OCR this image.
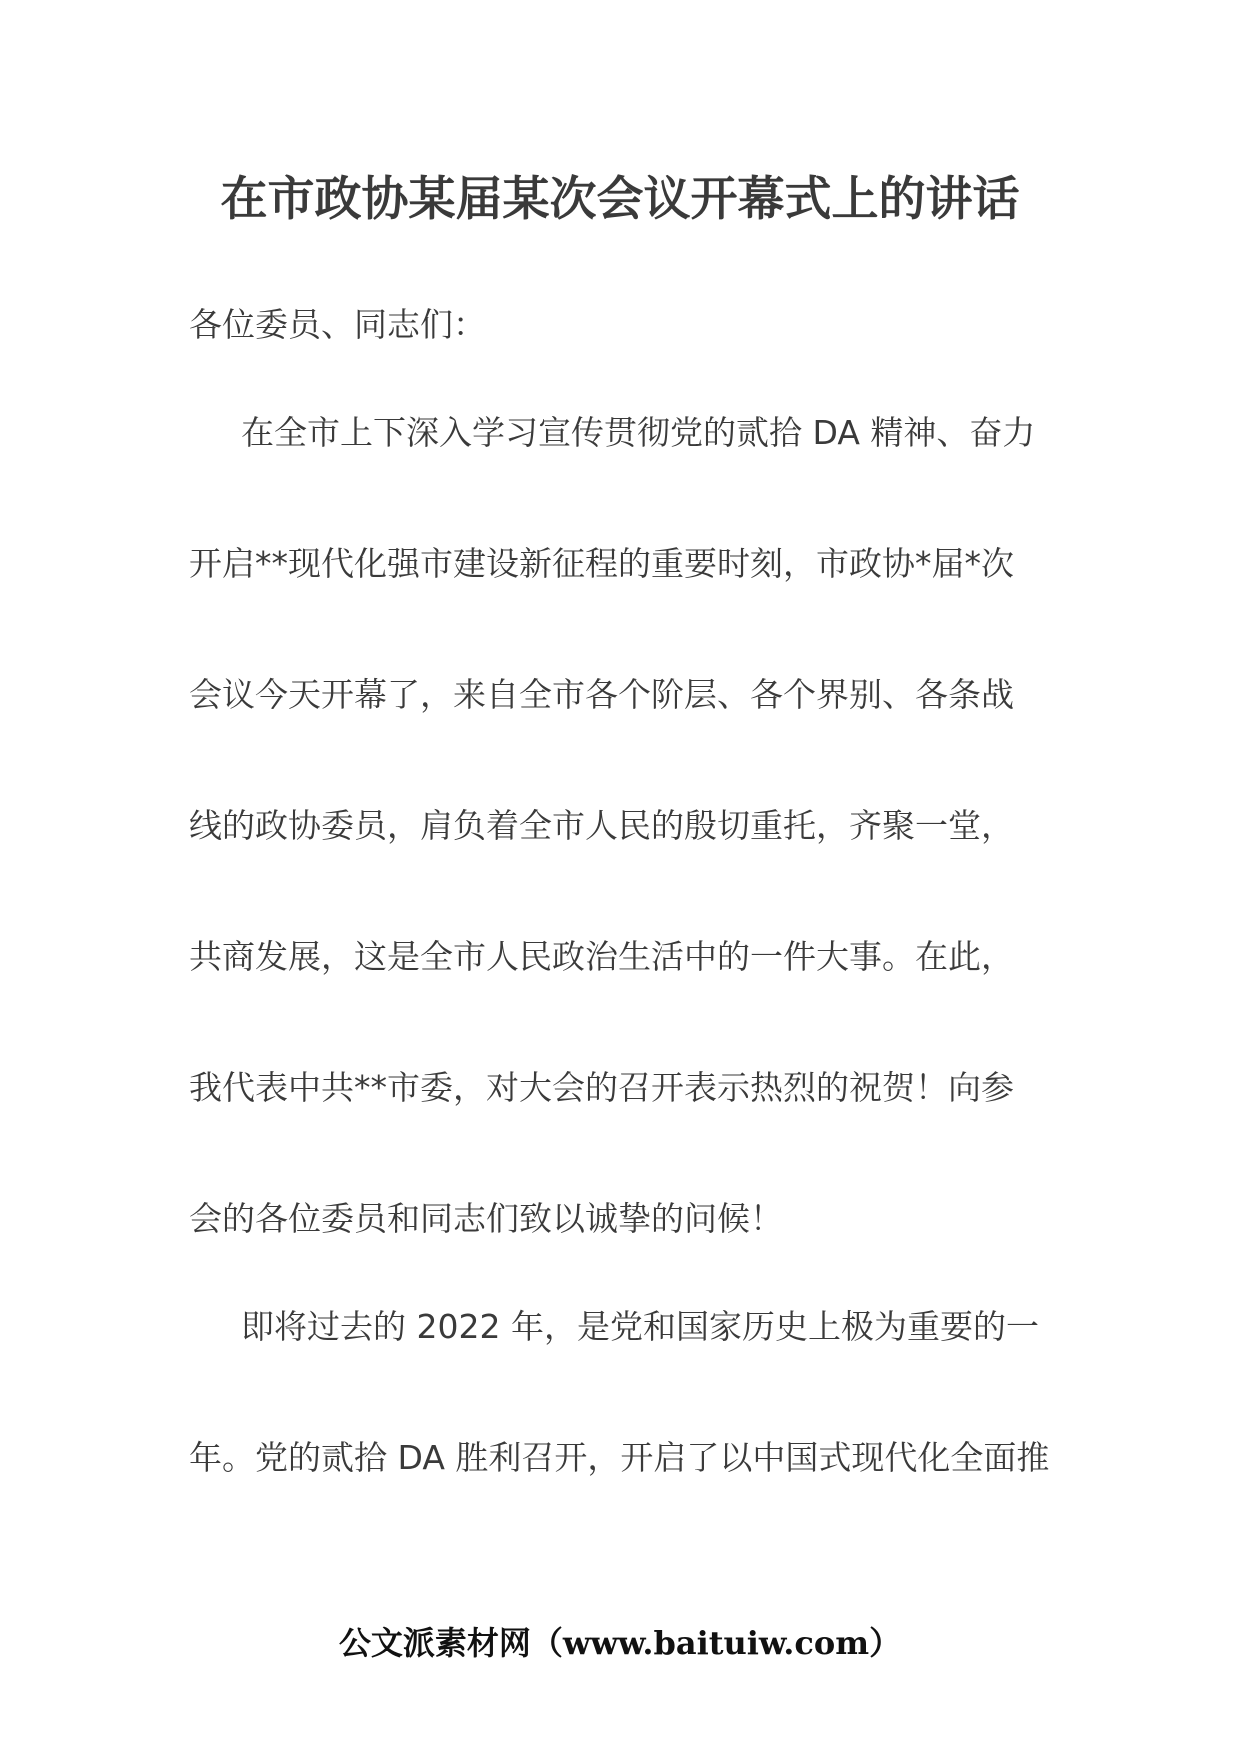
在市政协某届某次会议开幕式上的讲话

各位委员、同志们：

在全市上下深入学习宣传贯彻党的贰拾 DA 精神、奋力
开启**现代化强市建设新征程的重要时刻，市政协*届*次
会议今天开幕了，来自全市各个阶层、各个界别、各条战
线的政协委员，肩负着全市人民的殷切重托，齐聚一堂，
共商发展，这是全市人民政治生活中的一件大事。在此，
我代表中共**市委，对大会的召开表示热烈的祝贺！向参
会的各位委员和同志们致以诚挚的问候！
即将过去的 2022 年，是党和国家历史上极为重要的一
年。党的贰拾 DA 胜利召开，开启了以中国式现代化全面推

公文派素材网（www.baituiw.com）
